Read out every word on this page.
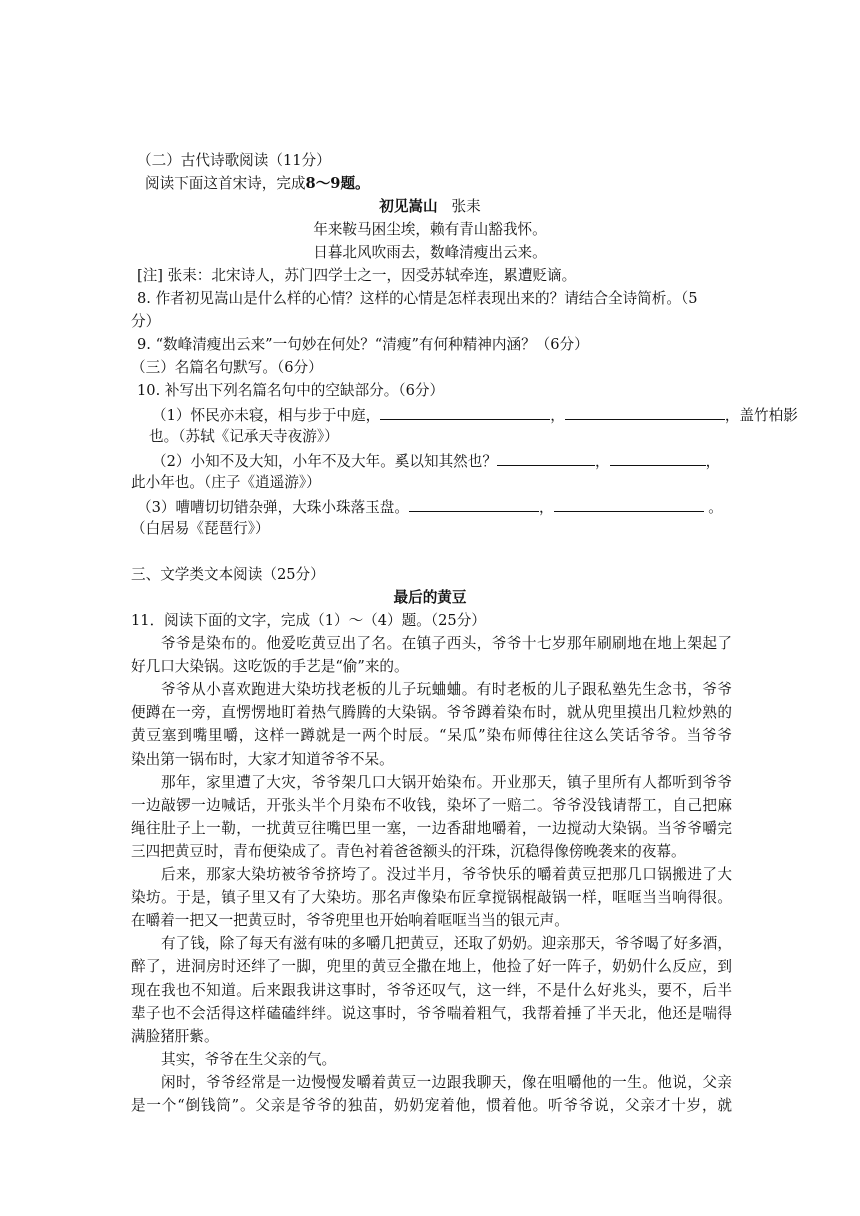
（二）古代诗歌阅读（11分）
阅读下面这首宋诗，完成8～9题。
初见嵩山 张耒
年来鞍马困尘埃，赖有青山豁我怀。
日暮北风吹雨去，数峰清瘦出云来。
[注] 张耒：北宋诗人，苏门四学士之一，因受苏轼牵连，累遭贬谪。
8. 作者初见嵩山是什么样的心情？这样的心情是怎样表现出来的？请结合全诗简析。（5
分）
9. “数峰清瘦出云来”一句妙在何处？“清瘦”有何种精神内涵？（6分）
（三）名篇名句默写。（6分）
10. 补写出下列名篇名句中的空缺部分。（6分）
（1）怀民亦未寝，相与步于中庭，	，	，盖竹柏影
也。（苏轼《记承天寺夜游》）
（2）小知不及大知，小年不及大年。奚以知其然也？	，	，
此小年也。（庄子《逍遥游》）
（3）嘈嘈切切错杂弹，大珠小珠落玉盘。	，	。
（白居易《琵琶行》）
三、文学类文本阅读（25分）
最后的黄豆
11．阅读下面的文字，完成（1）～（4）题。（25分）
爷爷是染布的。他爱吃黄豆出了名。在镇子西头，爷爷十七岁那年刷刷地在地上架起了
好几口大染锅。这吃饭的手艺是“偷”来的。
爷爷从小喜欢跑进大染坊找老板的儿子玩蛐蛐。有时老板的儿子跟私塾先生念书，爷爷
便蹲在一旁，直愣愣地盯着热气腾腾的大染锅。爷爷蹲着染布时，就从兜里摸出几粒炒熟的
黄豆塞到嘴里嚼，这样一蹲就是一两个时辰。“呆瓜”染布师傅往往这么笑话爷爷。当爷爷
染出第一锅布时，大家才知道爷爷不呆。
那年，家里遭了大灾，爷爷架几口大锅开始染布。开业那天，镇子里所有人都听到爷爷
一边敲锣一边喊话，开张头半个月染布不收钱，染坏了一赔二。爷爷没钱请帮工，自己把麻
绳往肚子上一勒，一扰黄豆往嘴巴里一塞，一边香甜地嚼着，一边搅动大染锅。当爷爷嚼完
三四把黄豆时，青布便染成了。青色衬着爸爸额头的汗珠，沉稳得像傍晚袭来的夜幕。
后来，那家大染坊被爷爷挤垮了。没过半月，爷爷快乐的嚼着黄豆把那几口锅搬进了大
染坊。于是，镇子里又有了大染坊。那名声像染布匠拿搅锅棍敲锅一样，哐哐当当响得很。
在嚼着一把又一把黄豆时，爷爷兜里也开始响着哐哐当当的银元声。
有了钱，除了每天有滋有味的多嚼几把黄豆，还取了奶奶。迎亲那天，爷爷喝了好多酒，
醉了，进洞房时还绊了一脚，兜里的黄豆全撒在地上，他捡了好一阵子，奶奶什么反应，到
现在我也不知道。后来跟我讲这事时，爷爷还叹气，这一绊，不是什么好兆头，要不，后半
辈子也不会活得这样磕磕绊绊。说这事时，爷爷喘着粗气，我帮着捶了半天北，他还是喘得
满脸猪肝紫。
其实，爷爷在生父亲的气。
闲时，爷爷经常是一边慢慢发嚼着黄豆一边跟我聊天，像在咀嚼他的一生。他说，父亲
是一个“倒钱筒”。父亲是爷爷的独苗，奶奶宠着他，惯着他。听爷爷说，父亲才十岁，就
